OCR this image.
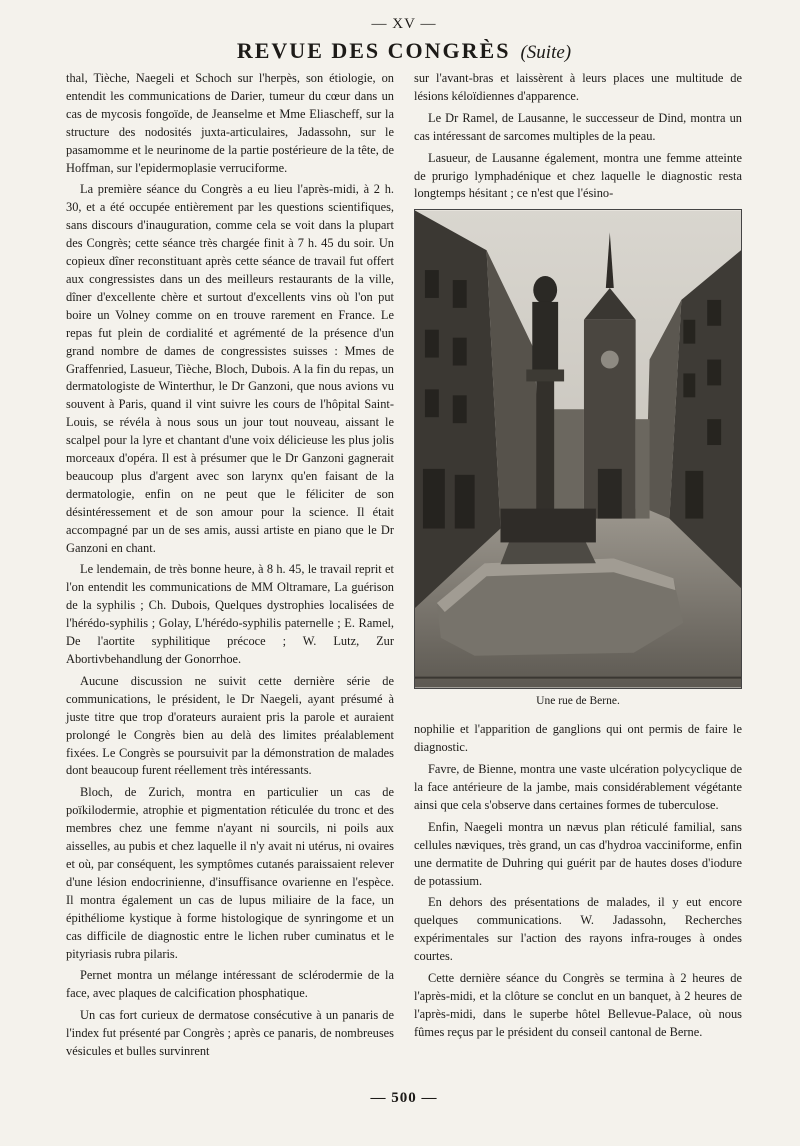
— XV —
REVUE DES CONGRÈS (Suite)

thal, Tièche, Naegeli et Schoch sur l'herpès, son étiologie, on entendit les communications de Darier, tumeur du cœur dans un cas de mycosis fongoïde, de Jeanselme et Mme Eliascheff, sur la structure des nodosités juxta-articulaires, Jadassohn, sur le pasamomme et le neurinome de la partie postérieure de la tête, de Hoffman, sur l'epidermoplasie verruciforme.

La première séance du Congrès a eu lieu l'après-midi, à 2 h. 30, et a été occupée entièrement par les questions scientifiques, sans discours d'inauguration, comme cela se voit dans la plupart des Congrès; cette séance très chargée finit à 7 h. 45 du soir. Un copieux dîner reconstituant après cette séance de travail fut offert aux congressistes dans un des meilleurs restaurants de la ville, dîner d'excellente chère et surtout d'excellents vins où l'on put boire un Volney comme on en trouve rarement en France. Le repas fut plein de cordialité et agrémenté de la présence d'un grand nombre de dames de congressistes suisses : Mmes de Graffenried, Lasueur, Tièche, Bloch, Dubois. A la fin du repas, un dermatologiste de Winterthur, le Dr Ganzoni, que nous avions vu souvent à Paris, quand il vint suivre les cours de l'hôpital Saint-Louis, se révéla à nous sous un jour tout nouveau, aissant le scalpel pour la lyre et chantant d'une voix délicieuse les plus jolis morceaux d'opéra. Il est à présumer que le Dr Ganzoni gagnerait beaucoup plus d'argent avec son larynx qu'en faisant de la dermatologie, enfin on ne peut que le féliciter de son désintéressement et de son amour pour la science. Il était accompagné par un de ses amis, aussi artiste en piano que le Dr Ganzoni en chant.

Le lendemain, de très bonne heure, à 8 h. 45, le travail reprit et l'on entendit les communications de MM Oltramare, La guérison de la syphilis ; Ch. Dubois, Quelques dystrophies localisées de l'hérédo-syphilis ; Golay, L'hérédo-syphilis paternelle ; E. Ramel, De l'aortite syphilitique précoce ; W. Lutz, Zur Abortivbehandlung der Gonorrhoe.

Aucune discussion ne suivit cette dernière série de communications, le président, le Dr Naegeli, ayant présumé à juste titre que trop d'orateurs auraient pris la parole et auraient prolongé le Congrès bien au delà des limites préalablement fixées. Le Congrès se poursuivit par la démonstration de malades dont beaucoup furent réellement très intéressants.

Bloch, de Zurich, montra en particulier un cas de poïkilodermie, atrophie et pigmentation réticulée du tronc et des membres chez une femme n'ayant ni sourcils, ni poils aux aisselles, au pubis et chez laquelle il n'y avait ni utérus, ni ovaires et où, par conséquent, les symptômes cutanés paraissaient relever d'une lésion endocrinienne, d'insuffisance ovarienne en l'espèce. Il montra également un cas de lupus miliaire de la face, un épithéliome kystique à forme histologique de synringome et un cas difficile de diagnostic entre le lichen ruber cuminatus et le pityriasis rubra pilaris.

Pernet montra un mélange intéressant de sclérodermie de la face, avec plaques de calcification phosphatique.

Un cas fort curieux de dermatose consécutive à un panaris de l'index fut présenté par Congrès ; après ce panaris, de nombreuses vésicules et bulles survinrent

sur l'avant-bras et laissèrent à leurs places une multitude de lésions kéloïdiennes d'apparence.

Le Dr Ramel, de Lausanne, le successeur de Dind, montra un cas intéressant de sarcomes multiples de la peau.

Lasueur, de Lausanne également, montra une femme atteinte de prurigo lymphadénique et chez laquelle le diagnostic resta longtemps hésitant ; ce n'est que l'ésino-

Une rue de Berne.

nophilie et l'apparition de ganglions qui ont permis de faire le diagnostic.

Favre, de Bienne, montra une vaste ulcération polycyclique de la face antérieure de la jambe, mais considérablement végétante ainsi que cela s'observe dans certaines formes de tuberculose.

Enfin, Naegeli montra un nævus plan réticulé familial, sans cellules næviques, très grand, un cas d'hydroa vacciniforme, enfin une dermatite de Duhring qui guérit par de hautes doses d'iodure de potassium.

En dehors des présentations de malades, il y eut encore quelques communications. W. Jadassohn, Recherches expérimentales sur l'action des rayons infra-rouges à ondes courtes.

Cette dernière séance du Congrès se termina à 2 heures de l'après-midi, et la clôture se conclut en un banquet, à 2 heures de l'après-midi, dans le superbe hôtel Bellevue-Palace, où nous fûmes reçus par le président du conseil cantonal de Berne.

— 500 —
